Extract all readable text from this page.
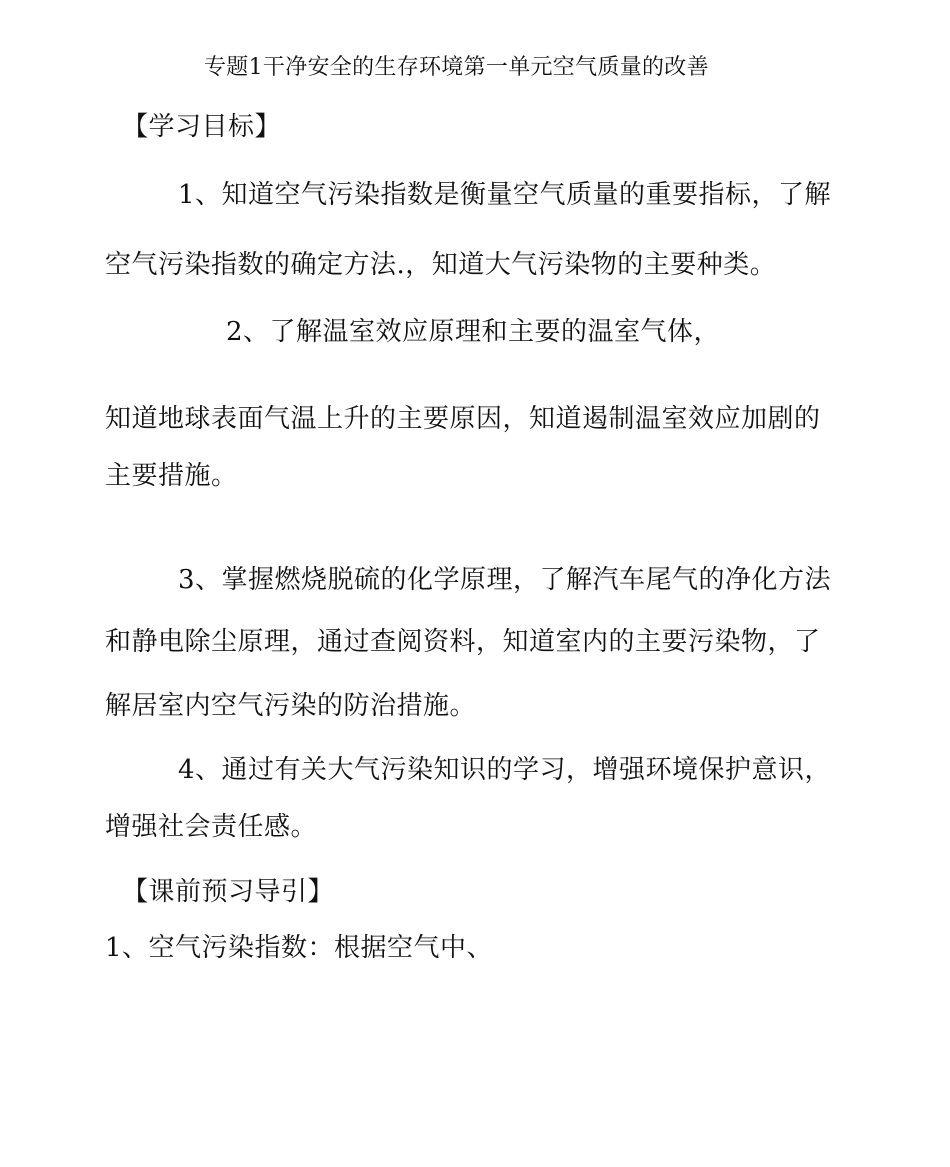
专题1干净安全的生存环境第一单元空气质量的改善
【学习目标】
1、知道空气污染指数是衡量空气质量的重要指标，了解
空气污染指数的确定方法.，知道大气污染物的主要种类。
2、了解温室效应原理和主要的温室气体，
知道地球表面气温上升的主要原因，知道遏制温室效应加剧的
主要措施。
3、掌握燃烧脱硫的化学原理，了解汽车尾气的净化方法
和静电除尘原理，通过查阅资料，知道室内的主要污染物，了
解居室内空气污染的防治措施。
4、通过有关大气污染知识的学习，增强环境保护意识，
增强社会责任感。
【课前预习导引】
1、空气污染指数：根据空气中、
